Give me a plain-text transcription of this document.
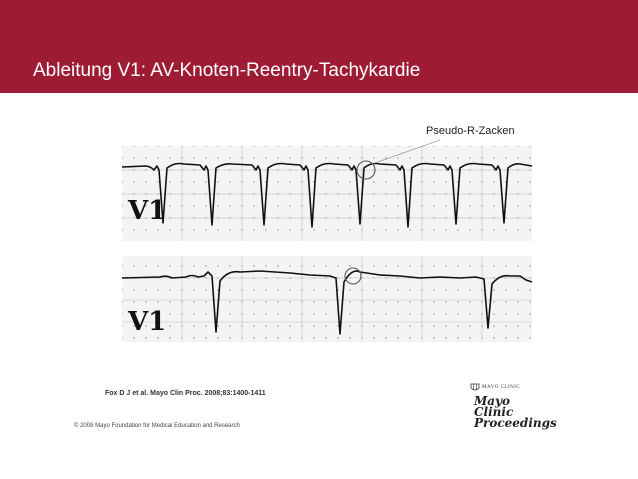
Ableitung V1: AV-Knoten-Reentry-Tachykardie
Pseudo-R-Zacken
V1
V1
Fox D J et al. Mayo Clin Proc. 2008;83:1400-1411
© 2008 Mayo Foundation for Medical Education and Research
MAYO CLINIC
Mayo Clinic
Proceedings
